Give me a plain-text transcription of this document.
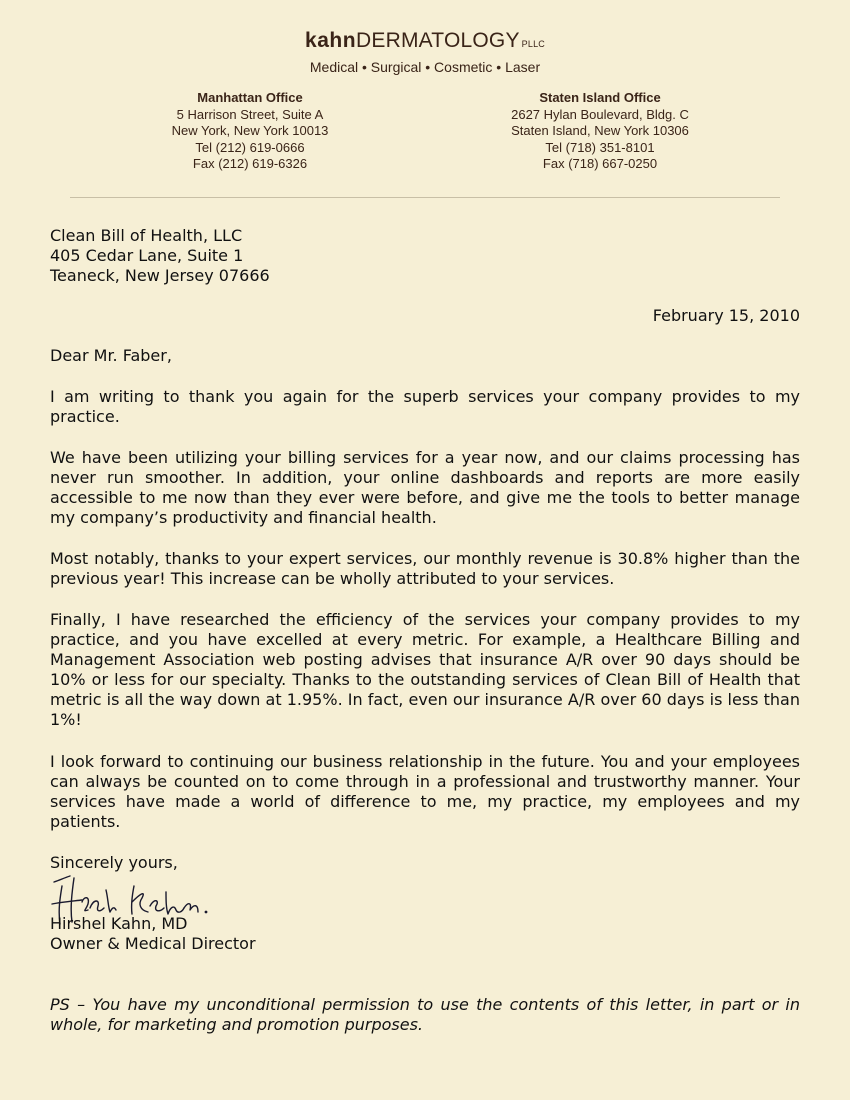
kahnDERMATOLOGY PLLC
Medical • Surgical • Cosmetic • Laser
Manhattan Office
5 Harrison Street, Suite A
New York, New York 10013
Tel (212) 619-0666
Fax (212) 619-6326
Staten Island Office
2627 Hylan Boulevard, Bldg. C
Staten Island, New York 10306
Tel (718) 351-8101
Fax (718) 667-0250
Clean Bill of Health, LLC
405 Cedar Lane, Suite 1
Teaneck, New Jersey 07666
February 15, 2010
Dear Mr. Faber,

I am writing to thank you again for the superb services your company provides to my practice.

We have been utilizing your billing services for a year now, and our claims processing has never run smoother. In addition, your online dashboards and reports are more easily accessible to me now than they ever were before, and give me the tools to better manage my company’s productivity and financial health.

Most notably, thanks to your expert services, our monthly revenue is 30.8% higher than the previous year! This increase can be wholly attributed to your services.

Finally, I have researched the efficiency of the services your company provides to my practice, and you have excelled at every metric. For example, a Healthcare Billing and Management Association web posting advises that insurance A/R over 90 days should be 10% or less for our specialty. Thanks to the outstanding services of Clean Bill of Health that metric is all the way down at 1.95%. In fact, even our insurance A/R over 60 days is less than 1%!

I look forward to continuing our business relationship in the future. You and your employees can always be counted on to come through in a professional and trustworthy manner. Your services have made a world of difference to me, my practice, my employees and my patients.

Sincerely yours,
Hirshel Kahn, MD
Owner & Medical Director

PS – You have my unconditional permission to use the contents of this letter, in part or in whole, for marketing and promotion purposes.
